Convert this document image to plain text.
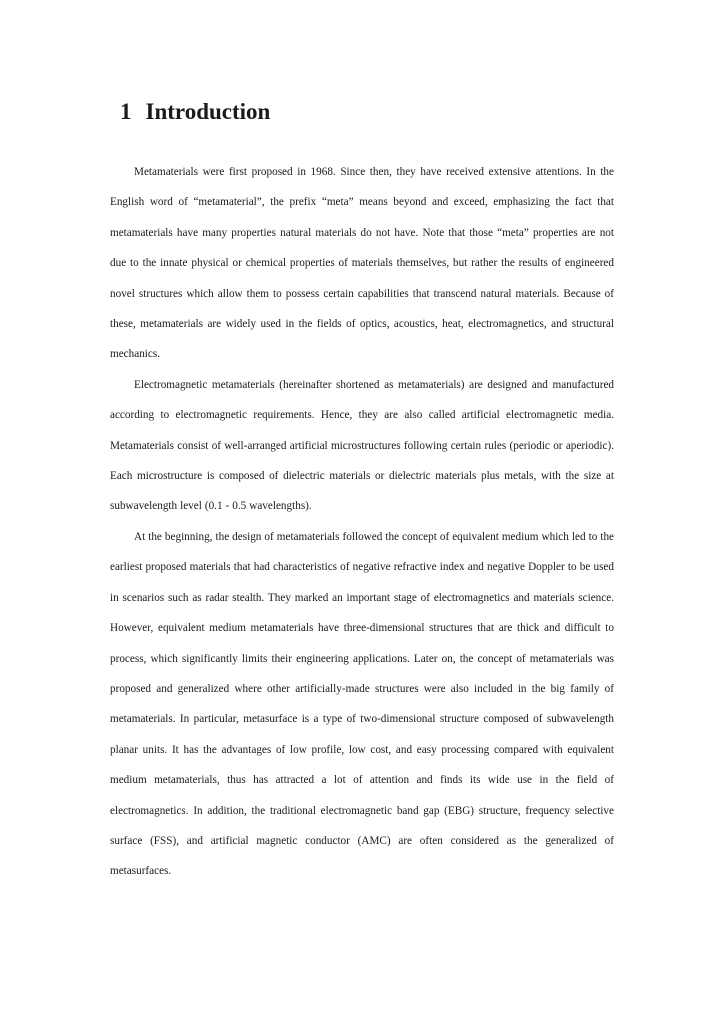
1 Introduction

Metamaterials were first proposed in 1968. Since then, they have received extensive attentions. In the English word of “metamaterial”, the prefix “meta” means beyond and exceed, emphasizing the fact that metamaterials have many properties natural materials do not have. Note that those “meta” properties are not due to the innate physical or chemical properties of materials themselves, but rather the results of engineered novel structures which allow them to possess certain capabilities that transcend natural materials. Because of these, metamaterials are widely used in the fields of optics, acoustics, heat, electromagnetics, and structural mechanics.

Electromagnetic metamaterials (hereinafter shortened as metamaterials) are designed and manufactured according to electromagnetic requirements. Hence, they are also called artificial electromagnetic media. Metamaterials consist of well-arranged artificial microstructures following certain rules (periodic or aperiodic). Each microstructure is composed of dielectric materials or dielectric materials plus metals, with the size at subwavelength level (0.1 - 0.5 wavelengths).

At the beginning, the design of metamaterials followed the concept of equivalent medium which led to the earliest proposed materials that had characteristics of negative refractive index and negative Doppler to be used in scenarios such as radar stealth. They marked an important stage of electromagnetics and materials science. However, equivalent medium metamaterials have three-dimensional structures that are thick and difficult to process, which significantly limits their engineering applications. Later on, the concept of metamaterials was proposed and generalized where other artificially-made structures were also included in the big family of metamaterials. In particular, metasurface is a type of two-dimensional structure composed of subwavelength planar units. It has the advantages of low profile, low cost, and easy processing compared with equivalent medium metamaterials, thus has attracted a lot of attention and finds its wide use in the field of electromagnetics. In addition, the traditional electromagnetic band gap (EBG) structure, frequency selective surface (FSS), and artificial magnetic conductor (AMC) are often considered as the generalized of metasurfaces.
